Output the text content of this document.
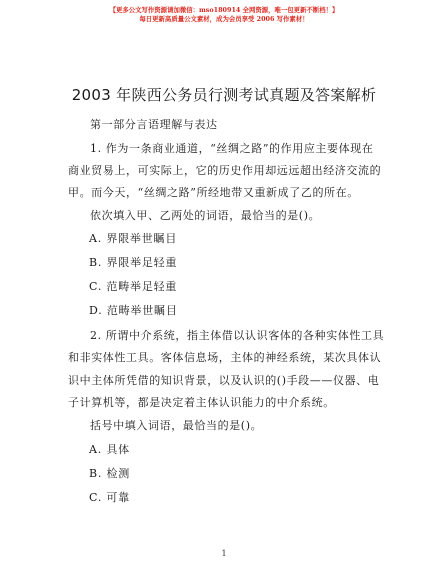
【更多公文写作资源请加微信：mso180914 全网资源，唯一包更新不断档！】
每日更新高质量公文素材，成为会员享受 2006 写作素材！
2003 年陕西公务员行测考试真题及答案解析
第一部分言语理解与表达
1. 作为一条商业通道，“丝绸之路”的作用应主要体现在
商业贸易上，可实际上，它的历史作用却远远超出经济交流的
甲。而今天，“丝绸之路”所经地带又重新成了乙的所在。
依次填入甲、乙两处的词语，最恰当的是()。
A. 界限举世瞩目
B. 界限举足轻重
C. 范畴举足轻重
D. 范畴举世瞩目
2. 所谓中介系统，指主体借以认识客体的各种实体性工具
和非实体性工具。客体信息场，主体的神经系统，某次具体认
识中主体所凭借的知识背景，以及认识的()手段——仪器、电
子计算机等，都是决定着主体认识能力的中介系统。
括号中填入词语，最恰当的是()。
A. 具体
B. 检测
C. 可靠
1
